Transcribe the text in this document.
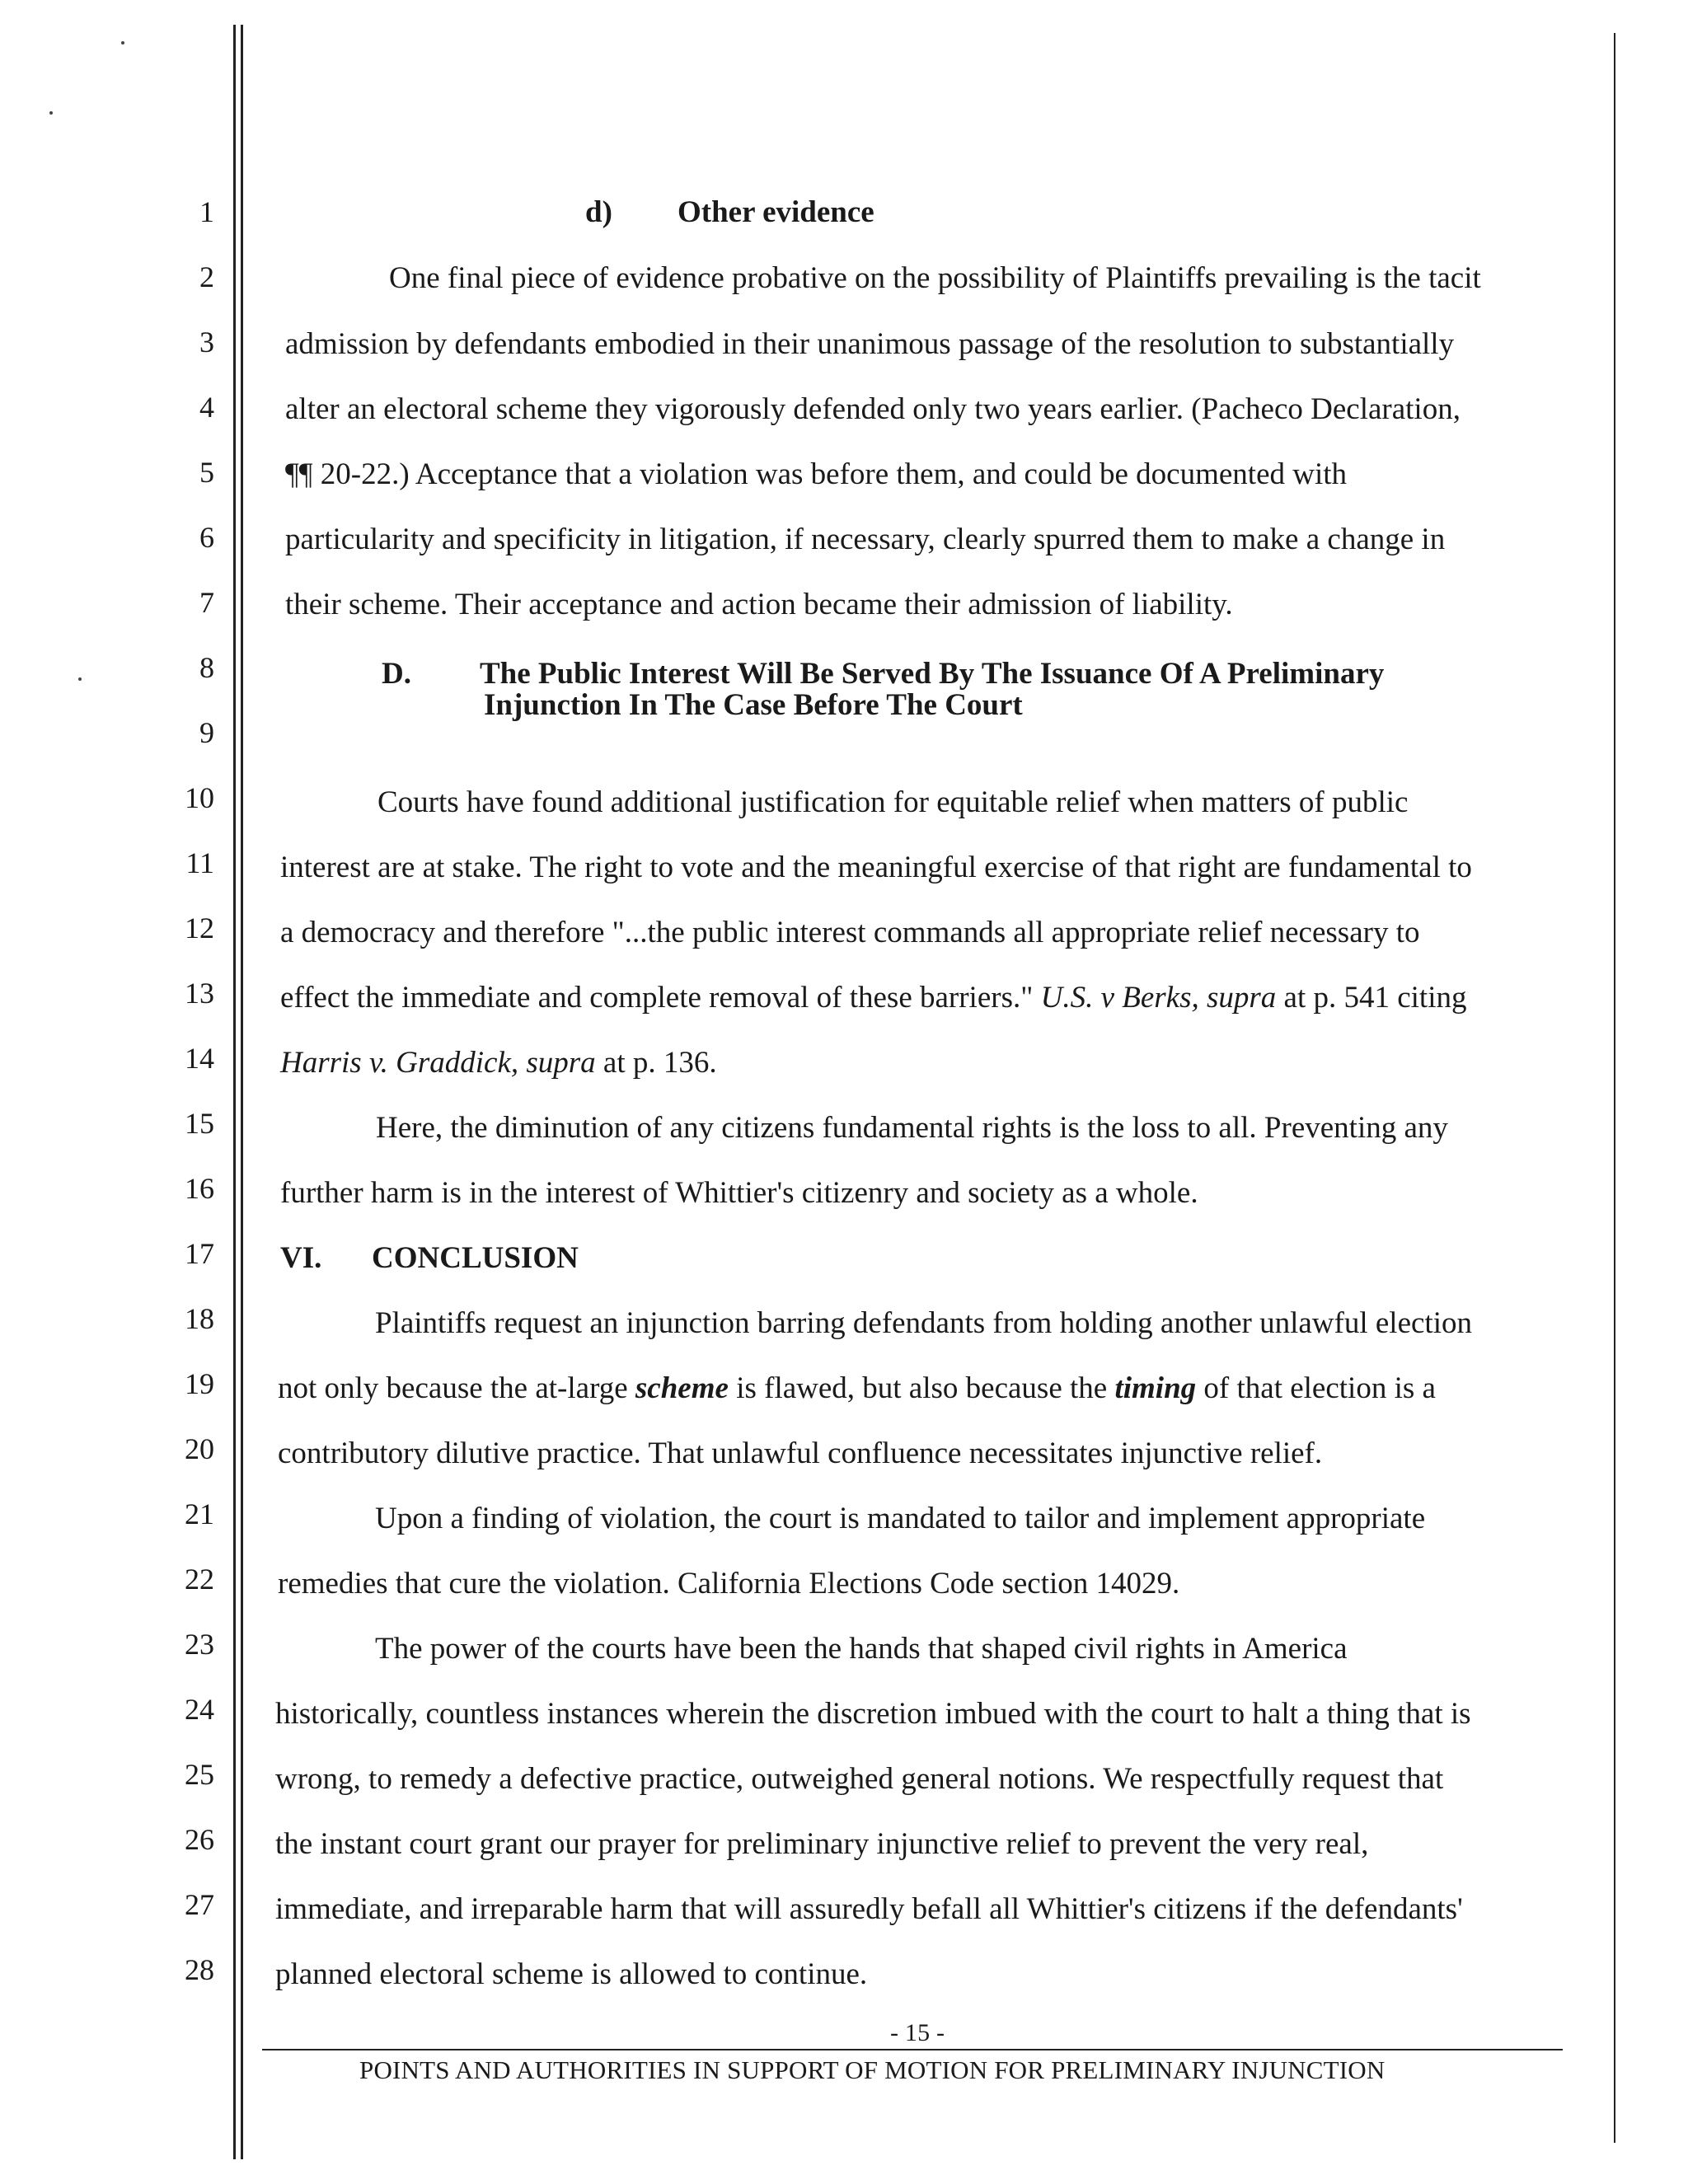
1
2
3
4
5
6
7
8
9
10
11
12
13
14
15
16
17
18
19
20
21
22
23
24
25
26
27
28
d) Other evidence
One final piece of evidence probative on the possibility of Plaintiffs prevailing is the tacit
admission by defendants embodied in their unanimous passage of the resolution to substantially
alter an electoral scheme they vigorously defended only two years earlier. (Pacheco Declaration,
¶¶ 20-22.) Acceptance that a violation was before them, and could be documented with
particularity and specificity in litigation, if necessary, clearly spurred them to make a change in
their scheme. Their acceptance and action became their admission of liability.
D. The Public Interest Will Be Served By The Issuance Of A Preliminary
Injunction In The Case Before The Court
Courts have found additional justification for equitable relief when matters of public
interest are at stake. The right to vote and the meaningful exercise of that right are fundamental to
a democracy and therefore "...the public interest commands all appropriate relief necessary to
effect the immediate and complete removal of these barriers." U.S. v Berks, supra at p. 541 citing
Harris v. Graddick, supra at p. 136.
Here, the diminution of any citizens fundamental rights is the loss to all. Preventing any
further harm is in the interest of Whittier's citizenry and society as a whole.
VI. CONCLUSION
Plaintiffs request an injunction barring defendants from holding another unlawful election
not only because the at-large scheme is flawed, but also because the timing of that election is a
contributory dilutive practice. That unlawful confluence necessitates injunctive relief.
Upon a finding of violation, the court is mandated to tailor and implement appropriate
remedies that cure the violation. California Elections Code section 14029.
The power of the courts have been the hands that shaped civil rights in America
historically, countless instances wherein the discretion imbued with the court to halt a thing that is
wrong, to remedy a defective practice, outweighed general notions. We respectfully request that
the instant court grant our prayer for preliminary injunctive relief to prevent the very real,
immediate, and irreparable harm that will assuredly befall all Whittier's citizens if the defendants'
planned electoral scheme is allowed to continue.
- 15 -
POINTS AND AUTHORITIES IN SUPPORT OF MOTION FOR PRELIMINARY INJUNCTION
